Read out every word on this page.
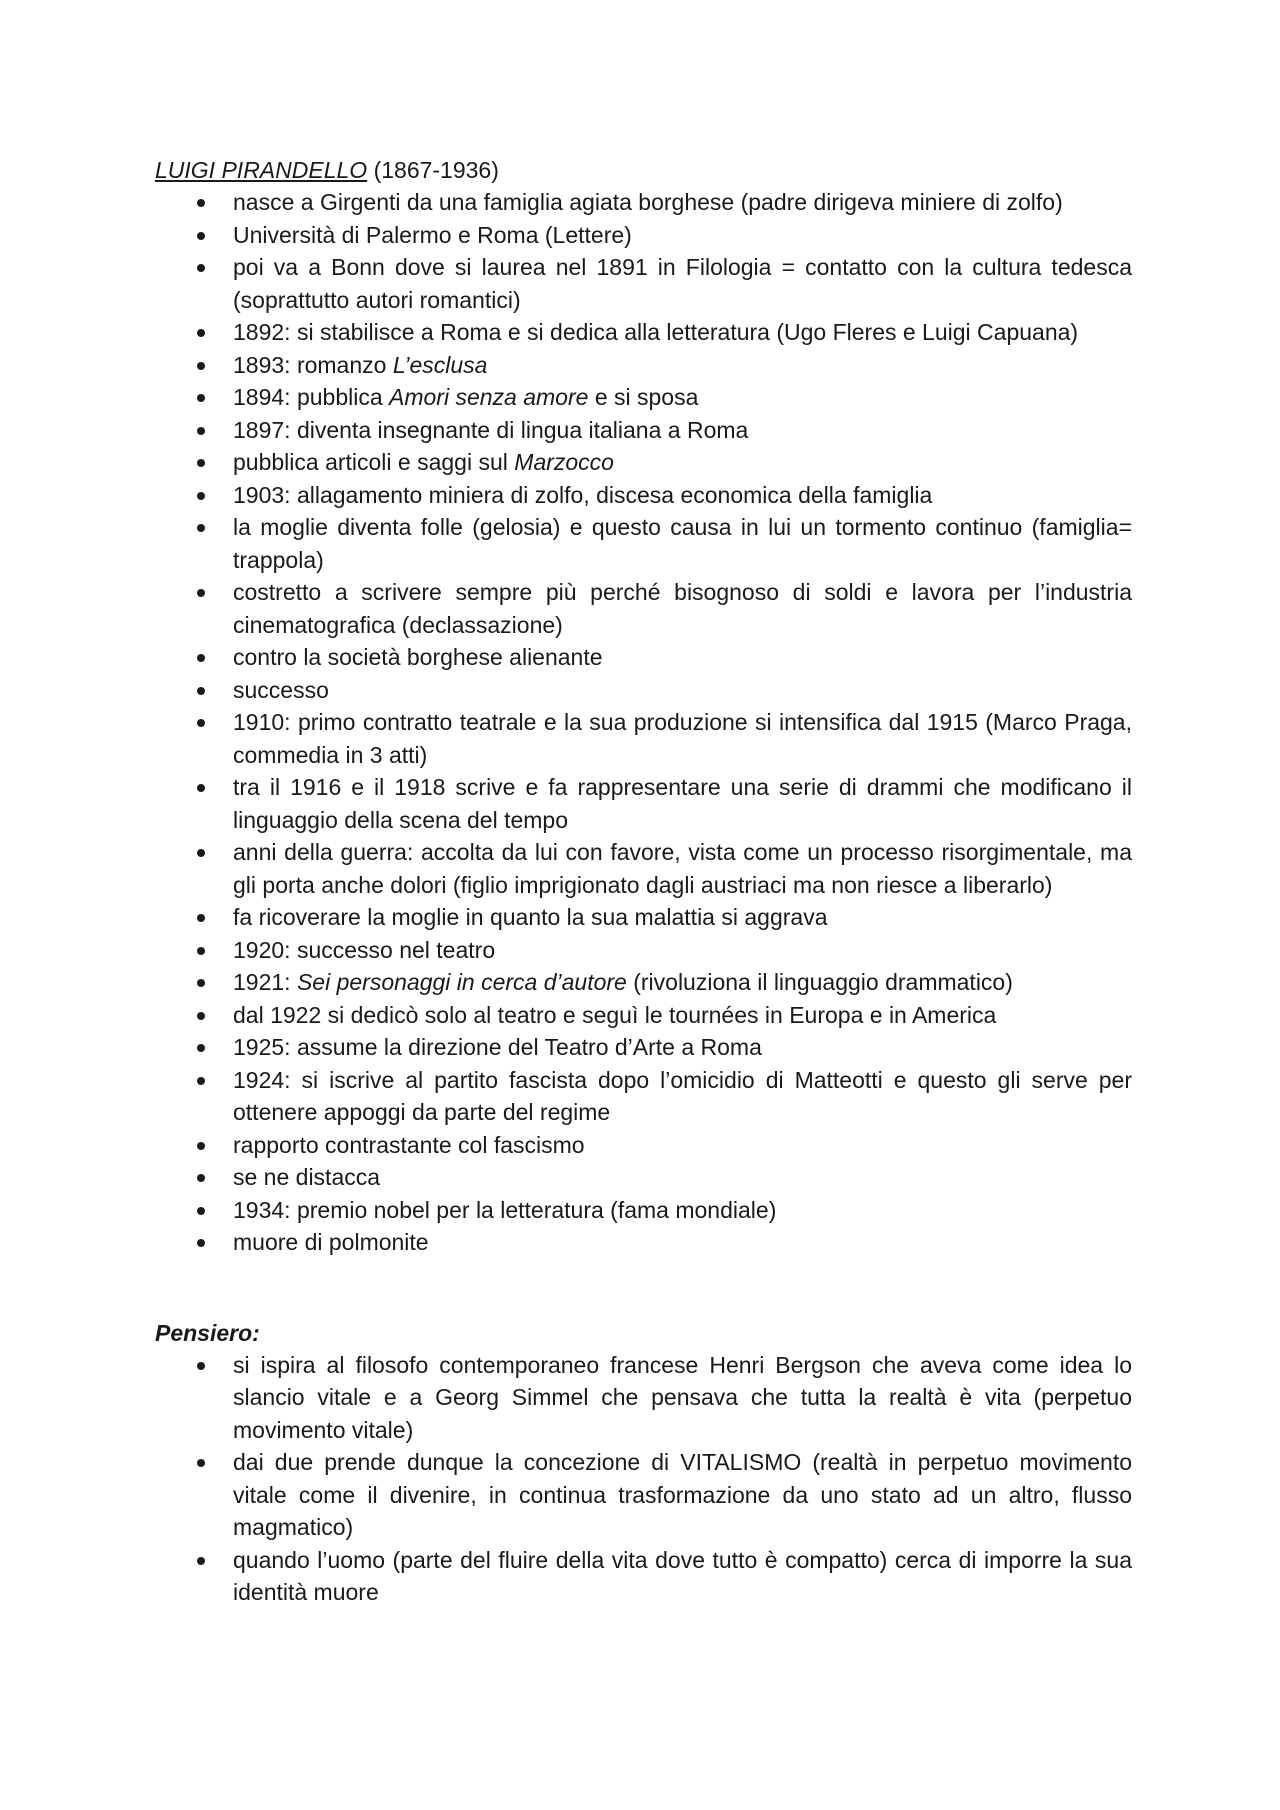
LUIGI PIRANDELLO (1867-1936)
nasce a Girgenti da una famiglia agiata borghese (padre dirigeva miniere di zolfo)
Università di Palermo e Roma (Lettere)
poi va a Bonn dove si laurea nel 1891 in Filologia = contatto con la cultura tedesca (soprattutto autori romantici)
1892: si stabilisce a Roma e si dedica alla letteratura (Ugo Fleres e Luigi Capuana)
1893: romanzo L’esclusa
1894: pubblica Amori senza amore e si sposa
1897: diventa insegnante di lingua italiana a Roma
pubblica articoli e saggi sul Marzocco
1903: allagamento miniera di zolfo, discesa economica della famiglia
la moglie diventa folle (gelosia) e questo causa in lui un tormento continuo (famiglia= trappola)
costretto a scrivere sempre più perché bisognoso di soldi e lavora per l’industria cinematografica (declassazione)
contro la società borghese alienante
successo
1910: primo contratto teatrale e la sua produzione si intensifica dal 1915 (Marco Praga, commedia in 3 atti)
tra il 1916 e il 1918 scrive e fa rappresentare una serie di drammi che modificano il linguaggio della scena del tempo
anni della guerra: accolta da lui con favore, vista come un processo risorgimentale, ma gli porta anche dolori (figlio imprigionato dagli austriaci ma non riesce a liberarlo)
fa ricoverare la moglie in quanto la sua malattia si aggrava
1920: successo nel teatro
1921: Sei personaggi in cerca d’autore (rivoluziona il linguaggio drammatico)
dal 1922 si dedicò solo al teatro e seguì le tournées in Europa e in America
1925: assume la direzione del Teatro d’Arte a Roma
1924: si iscrive al partito fascista dopo l’omicidio di Matteotti e questo gli serve per ottenere appoggi da parte del regime
rapporto contrastante col fascismo
se ne distacca
1934: premio nobel per la letteratura (fama mondiale)
muore di polmonite
Pensiero:
si ispira al filosofo contemporaneo francese Henri Bergson che aveva come idea lo slancio vitale e a Georg Simmel che pensava che tutta la realtà è vita (perpetuo movimento vitale)
dai due prende dunque la concezione di VITALISMO (realtà in perpetuo movimento vitale come il divenire, in continua trasformazione da uno stato ad un altro, flusso magmatico)
quando l’uomo (parte del fluire della vita dove tutto è compatto) cerca di imporre la sua identità muore
